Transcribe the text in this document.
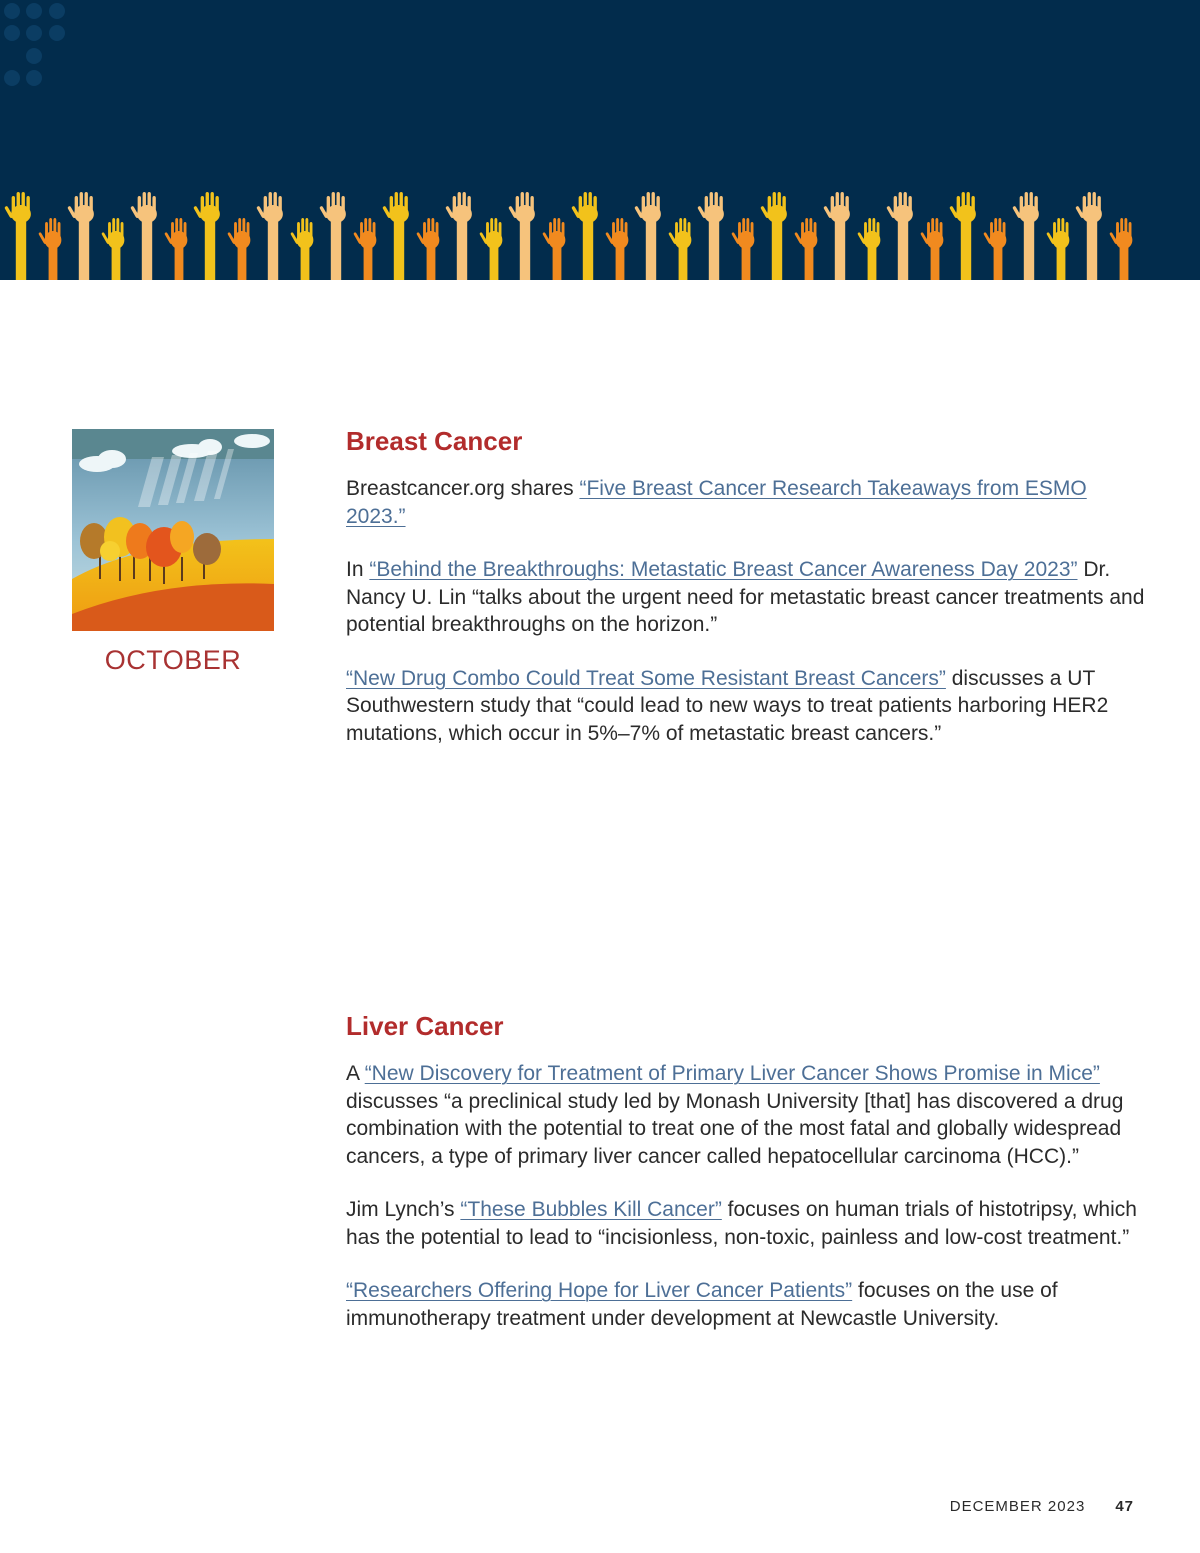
OCTOBER
Breast Cancer

Breastcancer.org shares “Five Breast Cancer Research Takeaways from ESMO 2023.”

In “Behind the Breakthroughs: Metastatic Breast Cancer Awareness Day 2023” Dr. Nancy U. Lin “talks about the urgent need for metastatic breast cancer treatments and potential breakthroughs on the horizon.”

“New Drug Combo Could Treat Some Resistant Breast Cancers” discusses a UT Southwestern study that “could lead to new ways to treat patients harboring HER2 mutations, which occur in 5%–7% of metastatic breast cancers.”

Liver Cancer

A “New Discovery for Treatment of Primary Liver Cancer Shows Promise in Mice” discusses “a preclinical study led by Monash University [that] has discovered a drug combination with the potential to treat one of the most fatal and globally widespread cancers, a type of primary liver cancer called hepatocellular carcinoma (HCC).”

Jim Lynch’s “These Bubbles Kill Cancer” focuses on human trials of histotripsy, which has the potential to lead to “incisionless, non-toxic, painless and low-cost treatment.”

“Researchers Offering Hope for Liver Cancer Patients” focuses on the use of immunotherapy treatment under development at Newcastle University.

DECEMBER 2023 47
